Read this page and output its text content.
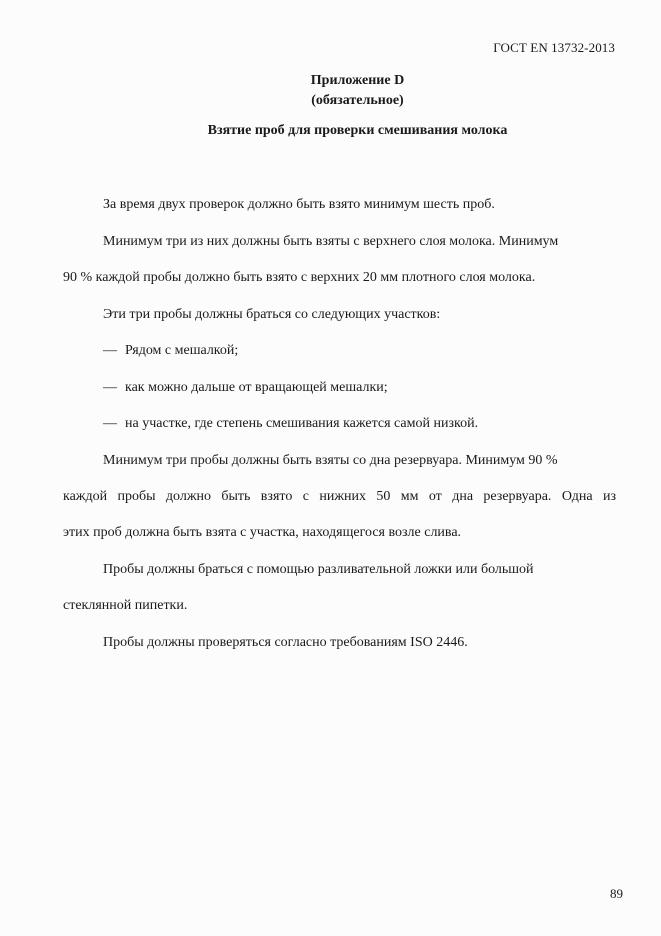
ГОСТ EN 13732-2013
Приложение D
(обязательное)
Взятие проб для проверки смешивания молока
За время двух проверок должно быть взято минимум шесть проб.
Минимум три из них должны быть взяты с верхнего слоя молока. Минимум
90 % каждой пробы должно быть взято с верхних 20 мм плотного слоя молока.
Эти три пробы должны браться со следующих участков:
— Рядом с мешалкой;
— как можно дальше от вращающей мешалки;
— на участке, где степень смешивания кажется самой низкой.
Минимум три пробы должны быть взяты со дна резервуара. Минимум 90 %
каждой пробы должно быть взято с нижних 50 мм от дна резервуара. Одна из
этих проб должна быть взята с участка, находящегося возле слива.
Пробы должны браться с помощью разливательной ложки или большой
стеклянной пипетки.
Пробы должны проверяться согласно требованиям ISO 2446.
89
